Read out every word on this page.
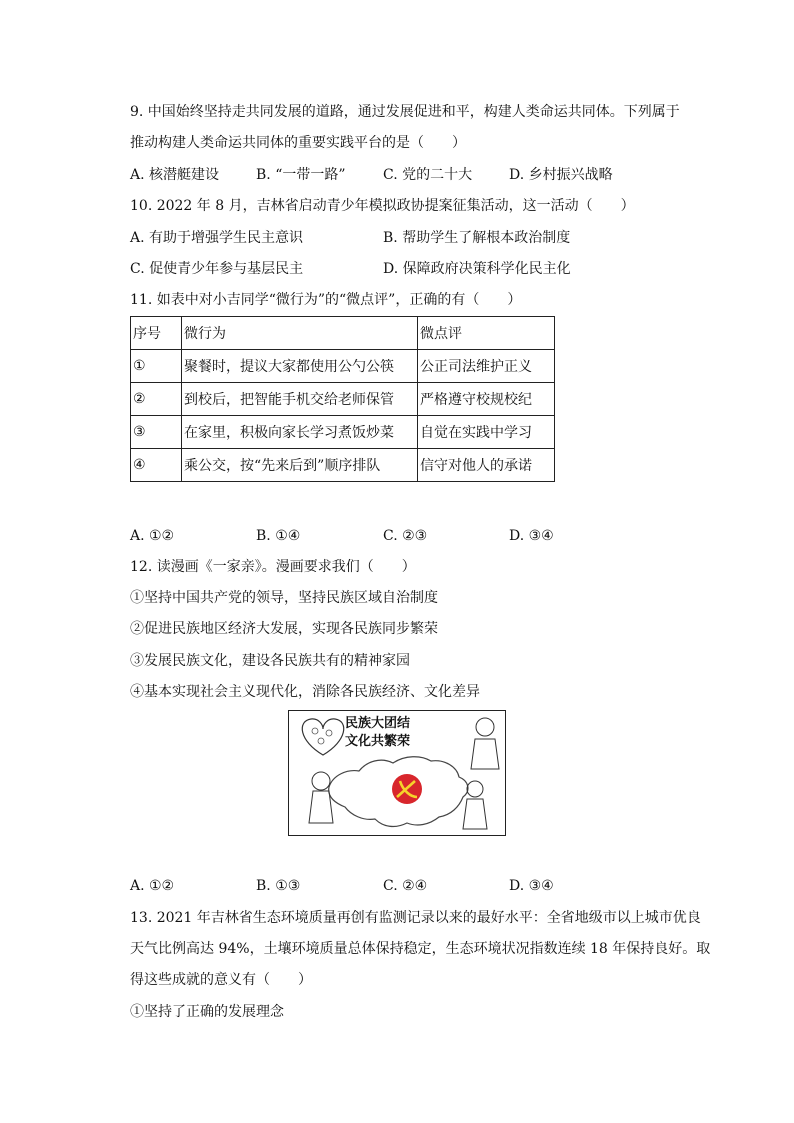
9. 中国始终坚持走共同发展的道路，通过发展促进和平，构建人类命运共同体。下列属于
推动构建人类命运共同体的重要实践平台的是（　　）
A. 核潜艇建设	B. “一带一路”	C. 党的二十大	D. 乡村振兴战略
10. 2022 年 8 月，吉林省启动青少年模拟政协提案征集活动，这一活动（　　）
A. 有助于增强学生民主意识	B. 帮助学生了解根本政治制度
C. 促使青少年参与基层民主	D. 保障政府决策科学化民主化
11. 如表中对小吉同学“微行为”的“微点评”，正确的有（　　）
序号	微行为	微点评
①	聚餐时，提议大家都使用公勺公筷	公正司法维护正义
②	到校后，把智能手机交给老师保管	严格遵守校规校纪
③	在家里，积极向家长学习煮饭炒菜	自觉在实践中学习
④	乘公交，按“先来后到”顺序排队	信守对他人的承诺
A. ①②	B. ①④	C. ②③	D. ③④
12. 读漫画《一家亲》。漫画要求我们（　　）
①坚持中国共产党的领导，坚持民族区域自治制度
②促进民族地区经济大发展，实现各民族同步繁荣
③发展民族文化，建设各民族共有的精神家园
④基本实现社会主义现代化，消除各民族经济、文化差异
民族大团结
文化共繁荣
A. ①②	B. ①③	C. ②④	D. ③④
13. 2021 年吉林省生态环境质量再创有监测记录以来的最好水平：全省地级市以上城市优良
天气比例高达 94%，土壤环境质量总体保持稳定，生态环境状况指数连续 18 年保持良好。取
得这些成就的意义有（　　）
①坚持了正确的发展理念
